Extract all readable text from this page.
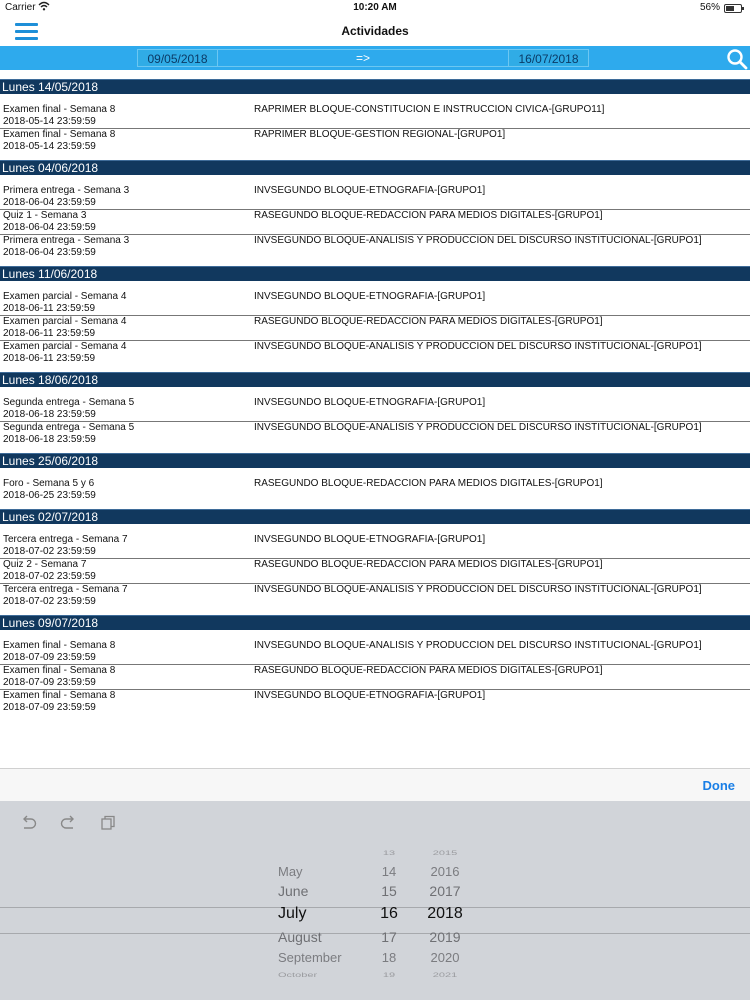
Carrier	10:20 AM	56%
Actividades
09/05/2018	=>	16/07/2018
Lunes 14/05/2018
Examen final - Semana 8
2018-05-14 23:59:59
RAPRIMER BLOQUE-CONSTITUCION E INSTRUCCION CIVICA-[GRUPO11]
Examen final - Semana 8
2018-05-14 23:59:59
RAPRIMER BLOQUE-GESTION REGIONAL-[GRUPO1]
Lunes 04/06/2018
Primera entrega - Semana 3
2018-06-04 23:59:59
INVSEGUNDO BLOQUE-ETNOGRAFIA-[GRUPO1]
Quiz 1 - Semana 3
2018-06-04 23:59:59
RASEGUNDO BLOQUE-REDACCION PARA MEDIOS DIGITALES-[GRUPO1]
Primera entrega - Semana 3
2018-06-04 23:59:59
INVSEGUNDO BLOQUE-ANALISIS Y PRODUCCION DEL DISCURSO INSTITUCIONAL-[GRUPO1]
Lunes 11/06/2018
Examen parcial - Semana 4
2018-06-11 23:59:59
INVSEGUNDO BLOQUE-ETNOGRAFIA-[GRUPO1]
Examen parcial - Semana 4
2018-06-11 23:59:59
RASEGUNDO BLOQUE-REDACCION PARA MEDIOS DIGITALES-[GRUPO1]
Examen parcial - Semana 4
2018-06-11 23:59:59
INVSEGUNDO BLOQUE-ANALISIS Y PRODUCCION DEL DISCURSO INSTITUCIONAL-[GRUPO1]
Lunes 18/06/2018
Segunda entrega - Semana 5
2018-06-18 23:59:59
INVSEGUNDO BLOQUE-ETNOGRAFIA-[GRUPO1]
Segunda entrega - Semana 5
2018-06-18 23:59:59
INVSEGUNDO BLOQUE-ANALISIS Y PRODUCCION DEL DISCURSO INSTITUCIONAL-[GRUPO1]
Lunes 25/06/2018
Foro - Semana 5 y 6
2018-06-25 23:59:59
RASEGUNDO BLOQUE-REDACCION PARA MEDIOS DIGITALES-[GRUPO1]
Lunes 02/07/2018
Tercera entrega - Semana 7
2018-07-02 23:59:59
INVSEGUNDO BLOQUE-ETNOGRAFIA-[GRUPO1]
Quiz 2 - Semana 7
2018-07-02 23:59:59
RASEGUNDO BLOQUE-REDACCION PARA MEDIOS DIGITALES-[GRUPO1]
Tercera entrega - Semana 7
2018-07-02 23:59:59
INVSEGUNDO BLOQUE-ANALISIS Y PRODUCCION DEL DISCURSO INSTITUCIONAL-[GRUPO1]
Lunes 09/07/2018
Examen final - Semana 8
2018-07-09 23:59:59
INVSEGUNDO BLOQUE-ANALISIS Y PRODUCCION DEL DISCURSO INSTITUCIONAL-[GRUPO1]
Examen final - Semana 8
2018-07-09 23:59:59
RASEGUNDO BLOQUE-REDACCION PARA MEDIOS DIGITALES-[GRUPO1]
Examen final - Semana 8
2018-07-09 23:59:59
INVSEGUNDO BLOQUE-ETNOGRAFIA-[GRUPO1]
Done
May
June
July
August
September
October
13
14
15
16
17
18
19
2015
2016
2017
2018
2019
2020
2021
